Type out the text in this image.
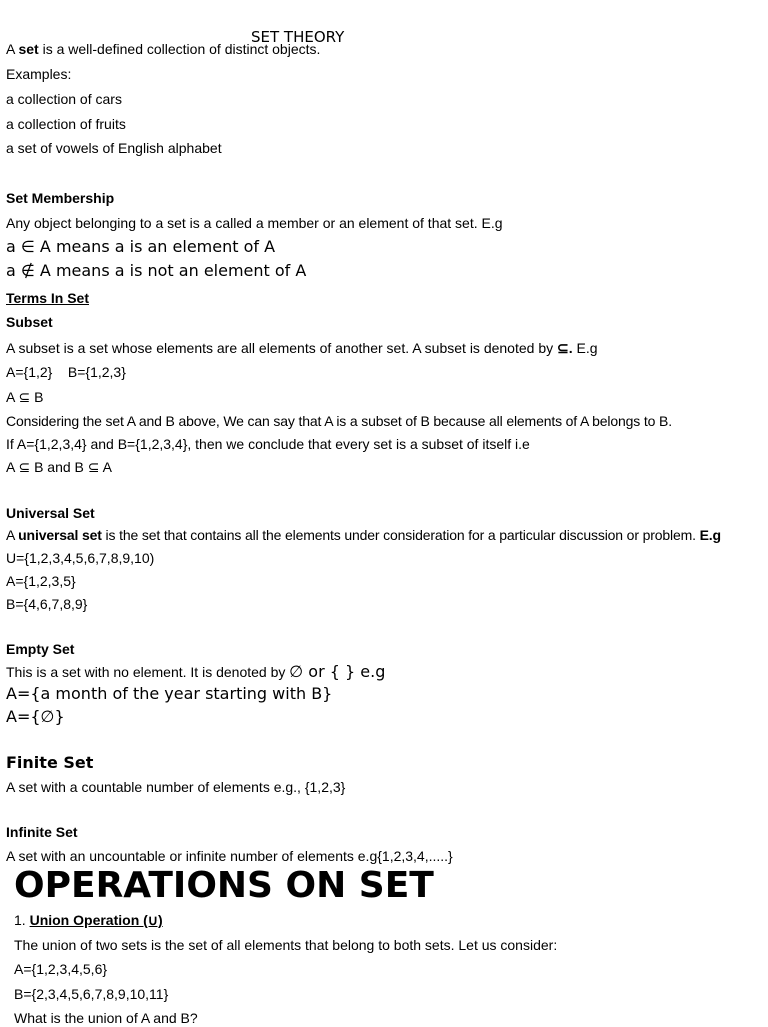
SET THEORY
A set is a well-defined collection of distinct objects.
Examples:
a collection of cars
a collection of fruits
a set of vowels of English alphabet
Set Membership
Any object belonging to a set is a called a member or an element of that set. E.g
a ∈ A means a is an element of A
a ∉ A means a is not an element of A
Terms In Set
Subset
A subset is a set whose elements are all elements of another set. A subset is denoted by ⊆. E.g
A={1,2}    B={1,2,3}
A ⊆ B
Considering the set A and B above, We can say that A is a subset of B because all elements of A belongs to B.
If A={1,2,3,4} and B={1,2,3,4}, then we conclude that every set is a subset of itself i.e
A ⊆ B and B ⊆ A
Universal Set
A universal set is the set that contains all the elements under consideration for a particular discussion or problem. E.g
U={1,2,3,4,5,6,7,8,9,10)
A={1,2,3,5}
B={4,6,7,8,9}
Empty Set
This is a set with no element. It is denoted by ∅ or { } e.g
A={a month of the year starting with B}
A={∅}
Finite Set
A set with a countable number of elements e.g., {1,2,3}
Infinite Set
A set with an uncountable or infinite number of elements e.g{1,2,3,4,.....}
OPERATIONS ON SET
1. Union Operation (∪)
The union of two sets is the set of all elements that belong to both sets. Let us consider:
A={1,2,3,4,5,6}
B={2,3,4,5,6,7,8,9,10,11}
What is the union of A and B?
